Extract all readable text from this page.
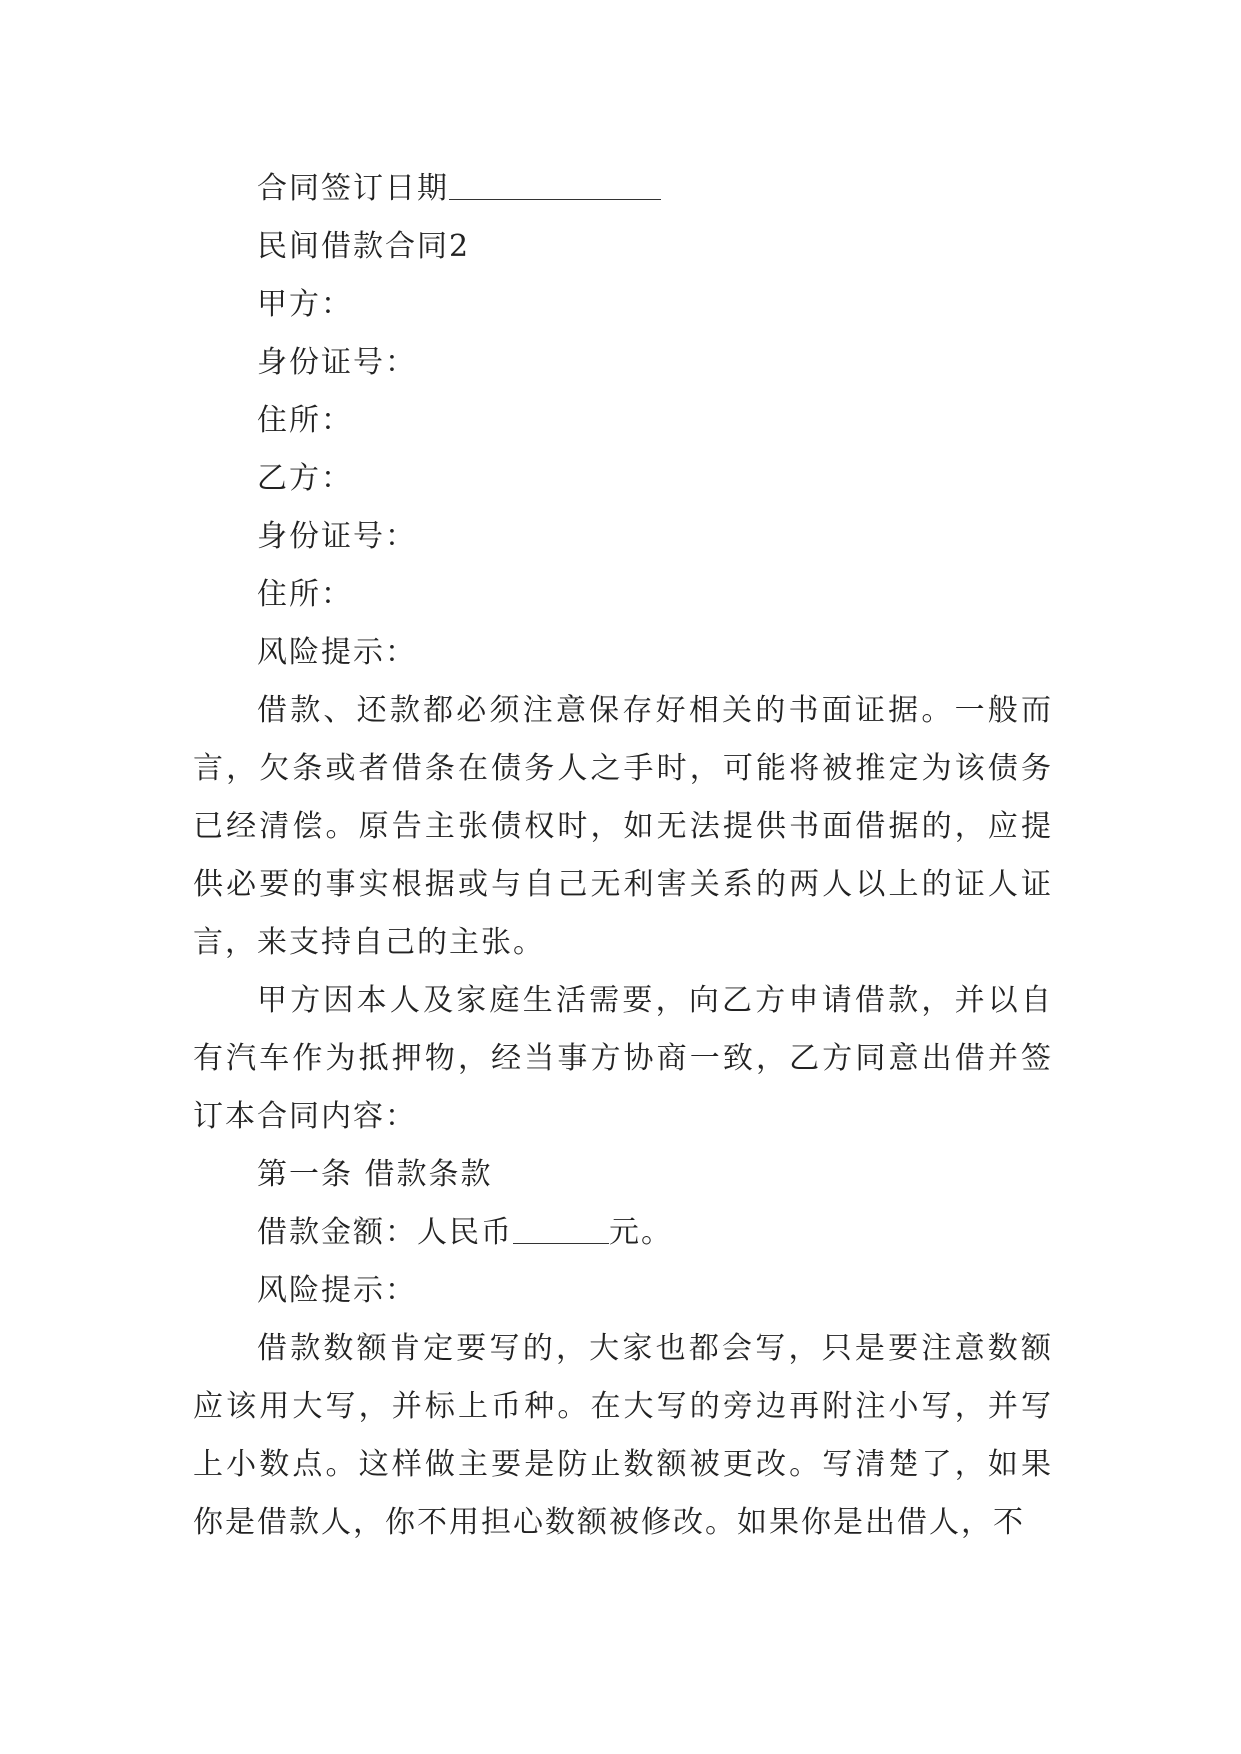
合同签订日期

民间借款合同2

甲方：

身份证号：

住所：

乙方：

身份证号：

住所：

风险提示：

借款、还款都必须注意保存好相关的书面证据。一般而言，欠条或者借条在债务人之手时，可能将被推定为该债务已经清偿。原告主张债权时，如无法提供书面借据的，应提供必要的事实根据或与自己无利害关系的两人以上的证人证言，来支持自己的主张。

甲方因本人及家庭生活需要，向乙方申请借款，并以自有汽车作为抵押物，经当事方协商一致，乙方同意出借并签订本合同内容：

第一条 借款条款

借款金额：人民币	元。

风险提示：

借款数额肯定要写的，大家也都会写，只是要注意数额应该用大写，并标上币种。在大写的旁边再附注小写，并写上小数点。这样做主要是防止数额被更改。写清楚了，如果你是借款人，你不用担心数额被修改。如果你是出借人，不
